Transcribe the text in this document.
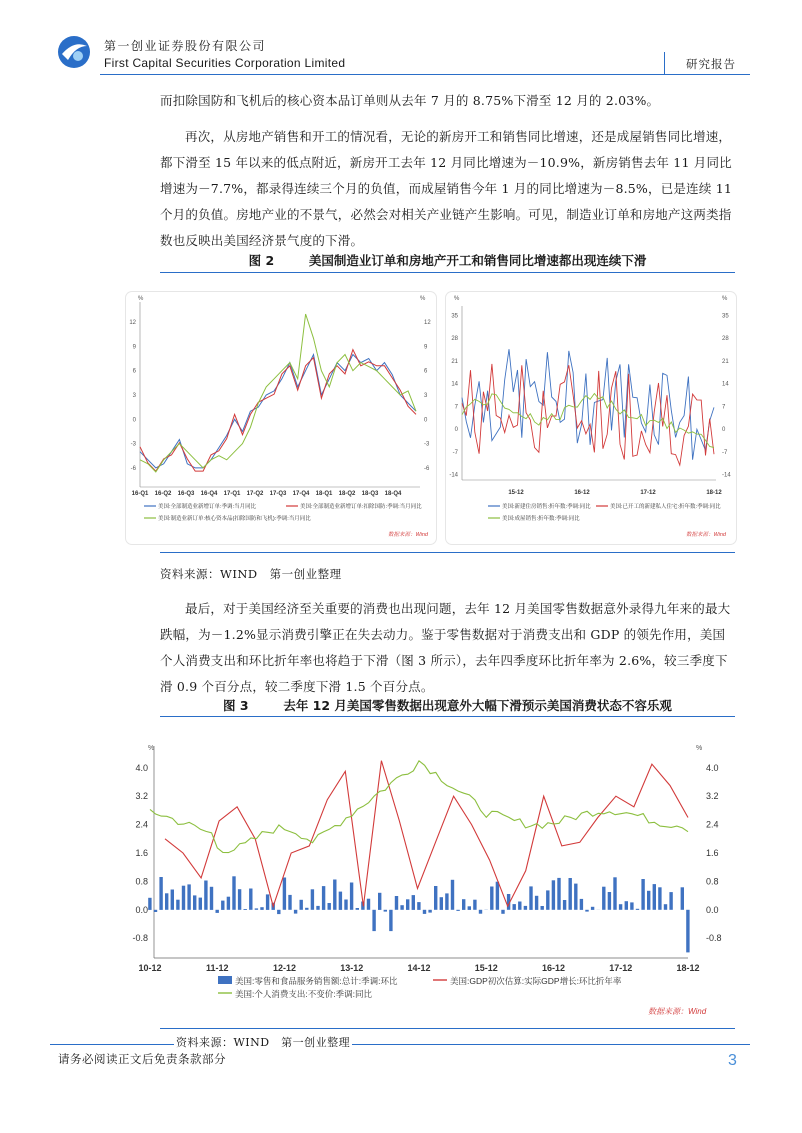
第一创业证券股份有限公司
First Capital Securities Corporation Limited	研究报告

而扣除国防和飞机后的核心资本品订单则从去年 7 月的 8.75%下滑至 12 月的 2.03%。

再次，从房地产销售和开工的情况看，无论的新房开工和销售同比增速，还是成屋销售同比增速，都下滑至 15 年以来的低点附近，新房开工去年 12 月同比增速为－10.9%，新房销售去年 11 月同比增速为－7.7%，都录得连续三个月的负值，而成屋销售今年 1 月的同比增速为－8.5%，已是连续 11 个月的负值。房地产业的不景气，必然会对相关产业链产生影响。可见，制造业订单和房地产这两类指数也反映出美国经济景气度的下滑。

图 2	美国制造业订单和房地产开工和销售同比增速都出现连续下滑
%	%
12
9
6
3
0
-3
-6
12
9
6
3
0
-3
-6
16-Q1 16-Q2 16-Q3 16-Q4 17-Q1 17-Q2 17-Q3 17-Q4 18-Q1 18-Q2 18-Q3 18-Q4
美国:全部制造业新增订单:季调:当月同比	美国:全部制造业新增订单:扣除国防:季调:当月同比
美国:制造业新订单:核心资本品(扣除国防和飞机):季调:当月同比
数据来源：Wind
%	%
35
28
21
14
7
0
-7
-14
35
28
21
14
7
0
-7
-14
15-12	16-12	17-12	18-12
美国:新建住房销售:折年数:季调:同比	美国:已开工的新建私人住宅:折年数:季调:同比
美国:成屋销售:折年数:季调:同比
数据来源：Wind
资料来源：WIND　第一创业整理

最后，对于美国经济至关重要的消费也出现问题，去年 12 月美国零售数据意外录得九年来的最大跌幅，为－1.2%显示消费引擎正在失去动力。鉴于零售数据对于消费支出和 GDP 的领先作用，美国个人消费支出和环比折年率也将趋于下滑（图 3 所示），去年四季度环比折年率为 2.6%，较三季度下滑 0.9 个百分点，较二季度下滑 1.5 个百分点。

图 3	去年 12 月美国零售数据出现意外大幅下滑预示美国消费状态不容乐观
%	%
4.0
3.2
2.4
1.6
0.8
0.0
-0.8
4.0
3.2
2.4
1.6
0.8
0.0
-0.8
10-12	11-12	12-12	13-12	14-12	15-12	16-12	17-12	18-12
美国:零售和食品服务销售额:总计:季调:环比	美国:GDP初次估算:实际GDP增长:环比折年率
美国:个人消费支出:不变价:季调:同比
数据来源：Wind
请务必阅读正文后免责条款部分	3
资料来源：WIND　第一创业整理
